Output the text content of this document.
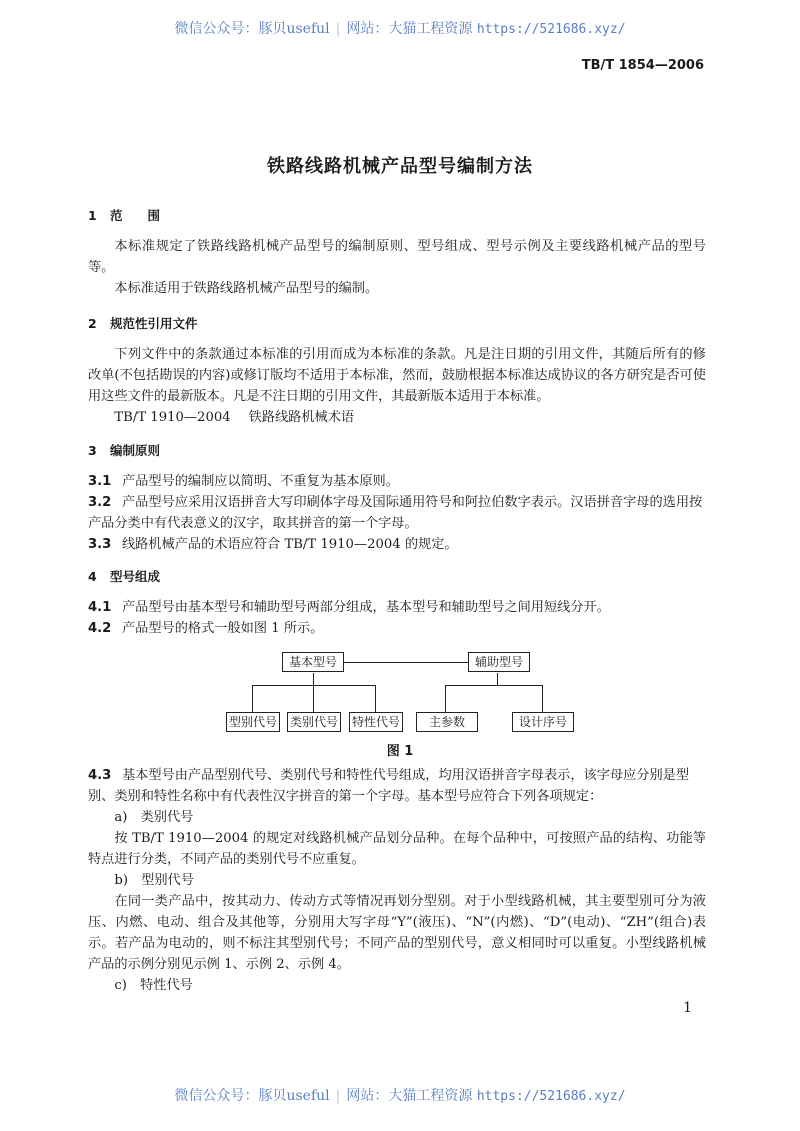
微信公众号：豚贝useful | 网站：大猫工程资源 https://521686.xyz/
TB/T 1854—2006
铁路线路机械产品型号编制方法
1 范　　围

本标准规定了铁路线路机械产品型号的编制原则、型号组成、型号示例及主要线路机械产品的型号等。

本标准适用于铁路线路机械产品型号的编制。

2 规范性引用文件

下列文件中的条款通过本标准的引用而成为本标准的条款。凡是注日期的引用文件，其随后所有的修改单(不包括勘误的内容)或修订版均不适用于本标准，然而，鼓励根据本标准达成协议的各方研究是否可使用这些文件的最新版本。凡是不注日期的引用文件，其最新版本适用于本标准。

TB/T 1910—2004 铁路线路机械术语

3 编制原则

3.1 产品型号的编制应以简明、不重复为基本原则。

3.2 产品型号应采用汉语拼音大写印刷体字母及国际通用符号和阿拉伯数字表示。汉语拼音字母的选用按产品分类中有代表意义的汉字，取其拼音的第一个字母。

3.3 线路机械产品的术语应符合 TB/T 1910—2004 的规定。

4 型号组成

4.1 产品型号由基本型号和辅助型号两部分组成，基本型号和辅助型号之间用短线分开。

4.2 产品型号的格式一般如图 1 所示。

基本型号	辅助型号
型别代号 类别代号 特性代号	主参数	设计序号
图 1

4.3 基本型号由产品型别代号、类别代号和特性代号组成，均用汉语拼音字母表示，该字母应分别是型别、类别和特性名称中有代表性汉字拼音的第一个字母。基本型号应符合下列各项规定：

a)　 类别代号

按 TB/T 1910—2004 的规定对线路机械产品划分品种。在每个品种中，可按照产品的结构、功能等特点进行分类，不同产品的类别代号不应重复。

b)　 型别代号

在同一类产品中，按其动力、传动方式等情况再划分型别。对于小型线路机械，其主要型别可分为液压、内燃、电动、组合及其他等，分别用大写字母“Y”(液压)、“N”(内燃)、“D”(电动)、“ZH”(组合)表示。若产品为电动的，则不标注其型别代号；不同产品的型别代号，意义相同时可以重复。小型线路机械产品的示例分别见示例 1、示例 2、示例 4。

c)　 特性代号

1
微信公众号：豚贝useful | 网站：大猫工程资源 https://521686.xyz/
